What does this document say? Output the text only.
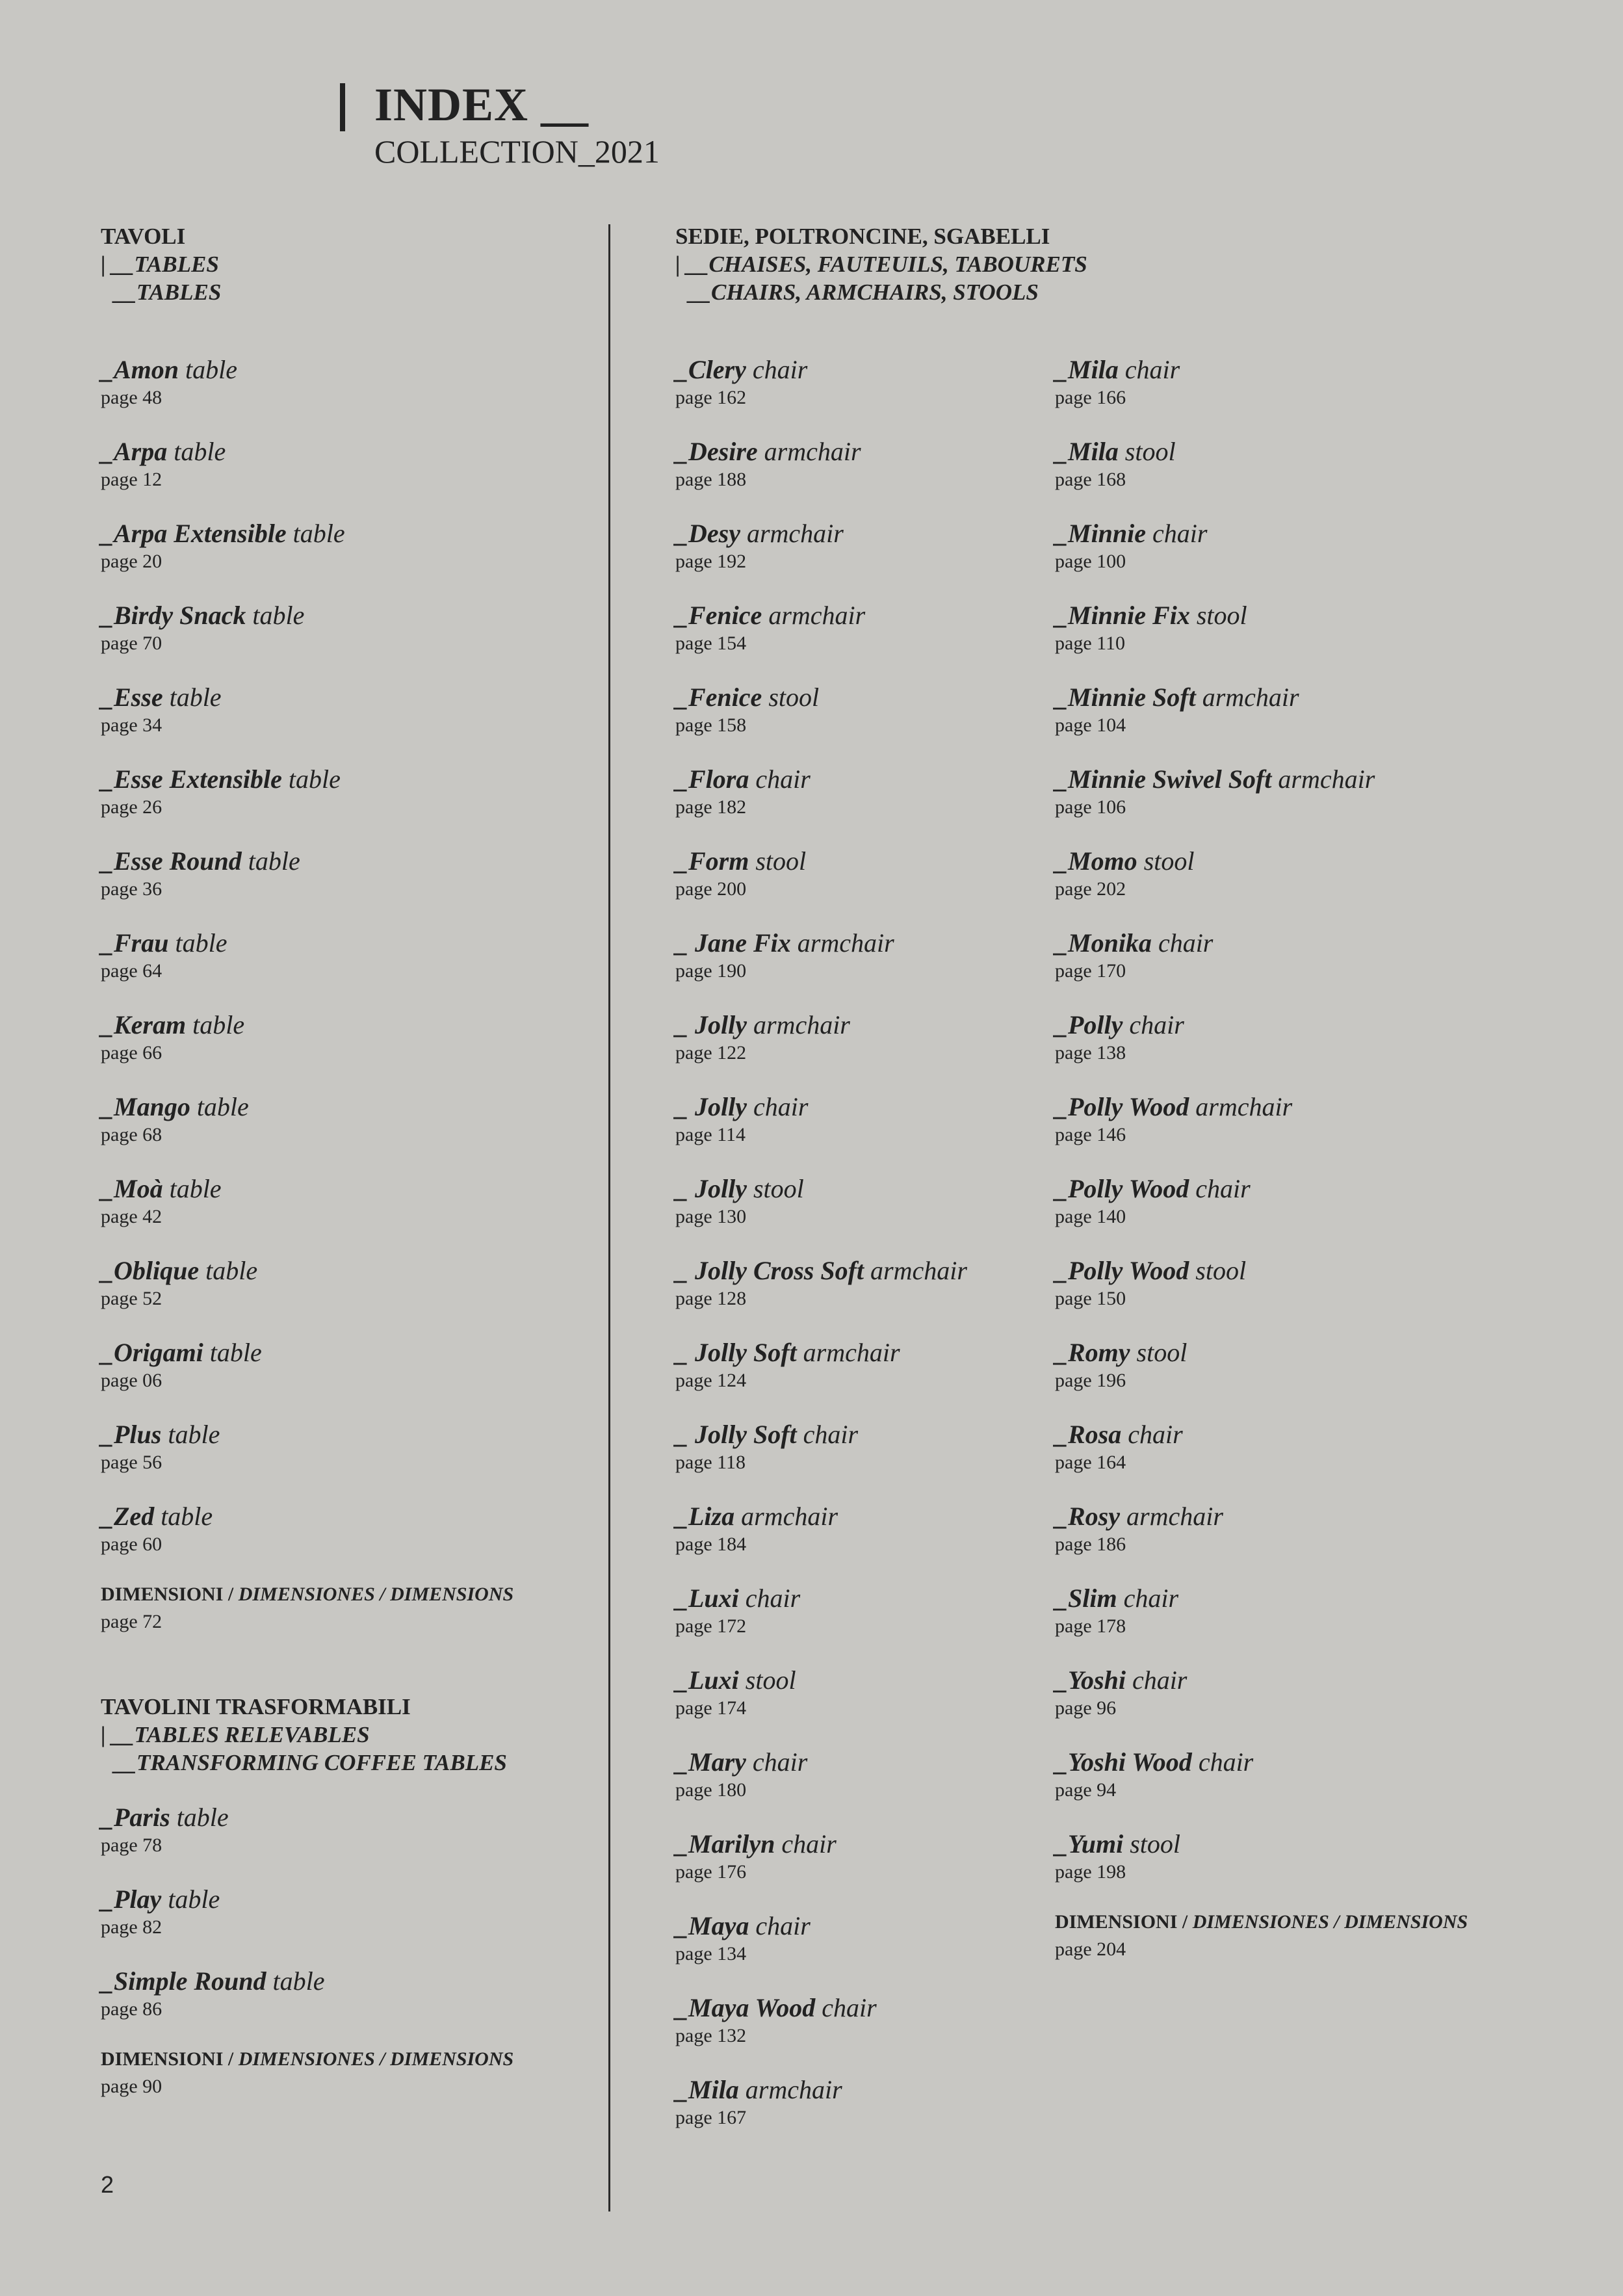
INDEX __
COLLECTION_2021
TAVOLI
| __TABLES
__TABLES
_Amon table
page 48
_Arpa table
page 12
_Arpa Extensible table
page 20
_Birdy Snack table
page 70
_Esse table
page 34
_Esse Extensible table
page 26
_Esse Round table
page 36
_Frau table
page 64
_Keram table
page 66
_Mango table
page 68
_Moà table
page 42
_Oblique table
page 52
_Origami table
page 06
_Plus table
page 56
_Zed table
page 60
DIMENSIONI / DIMENSIONES / DIMENSIONS
page 72
TAVOLINI TRASFORMABILI
| __TABLES RELEVABLES
__TRANSFORMING COFFEE TABLES
_Paris table
page 78
_Play table
page 82
_Simple Round table
page 86
DIMENSIONI / DIMENSIONES / DIMENSIONS
page 90
SEDIE, POLTRONCINE, SGABELLI
| __CHAISES, FAUTEUILS, TABOURETS
__CHAIRS, ARMCHAIRS, STOOLS
_Clery chair
page 162
_Desire armchair
page 188
_Desy armchair
page 192
_Fenice armchair
page 154
_Fenice stool
page 158
_Flora chair
page 182
_Form stool
page 200
_ Jane Fix armchair
page 190
_ Jolly armchair
page 122
_ Jolly chair
page 114
_ Jolly stool
page 130
_ Jolly Cross Soft armchair
page 128
_ Jolly Soft armchair
page 124
_ Jolly Soft chair
page 118
_Liza armchair
page 184
_Luxi chair
page 172
_Luxi stool
page 174
_Mary chair
page 180
_Marilyn chair
page 176
_Maya chair
page 134
_Maya Wood chair
page 132
_Mila armchair
page 167
_Mila chair
page 166
_Mila stool
page 168
_Minnie chair
page 100
_Minnie Fix stool
page 110
_Minnie Soft armchair
page 104
_Minnie Swivel Soft armchair
page 106
_Momo stool
page 202
_Monika chair
page 170
_Polly chair
page 138
_Polly Wood armchair
page 146
_Polly Wood chair
page 140
_Polly Wood stool
page 150
_Romy stool
page 196
_Rosa chair
page 164
_Rosy armchair
page 186
_Slim chair
page 178
_Yoshi chair
page 96
_Yoshi Wood chair
page 94
_Yumi stool
page 198
DIMENSIONI / DIMENSIONES / DIMENSIONS
page 204
2
